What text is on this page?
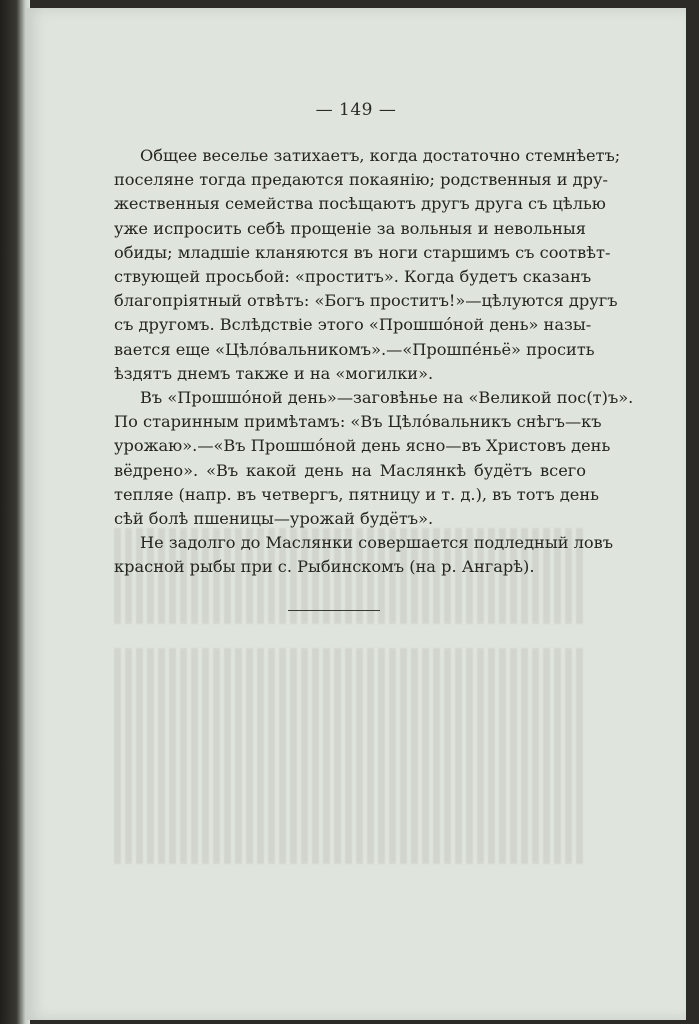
— 149 —
Общее веселье затихаетъ, когда достаточно стемнѣетъ;
поселяне тогда предаются покаянію; родственныя и дру-
жественныя семейства посѣщаютъ другъ друга съ цѣлью
уже испросить себѣ прощеніе за вольныя и невольныя
обиды; младшіе кланяются въ ноги старшимъ съ соотвѣт-
ствующей просьбой: «проститъ». Когда будетъ сказанъ
благопріятный отвѣтъ: «Богъ проститъ!»—цѣлуются другъ
съ другомъ. Вслѣдствіе этого «Прошшо́ной день» назы-
вается еще «Цѣло́вальникомъ».—«Прошпе́ньё» просить
ѣздятъ днемъ также и на «могилки».
Въ «Прошшо́ной день»—заговѣнье на «Великой пос(т)ъ».
По старинным примѣтамъ: «Въ Цѣло́вальникъ снѣгъ—къ
урожаю».—«Въ Прошшо́ной день ясно—въ Христовъ день
вёдрено». «Въ какой день на Маслянкѣ будётъ всего
тепляе (напр. въ четвергъ, пятницу и т. д.), въ тотъ день
сѣй болѣ пшеницы—урожай будётъ».
Не задолго до Маслянки совершается подледный ловъ
красной рыбы при с. Рыбинскомъ (на р. Ангарѣ).
